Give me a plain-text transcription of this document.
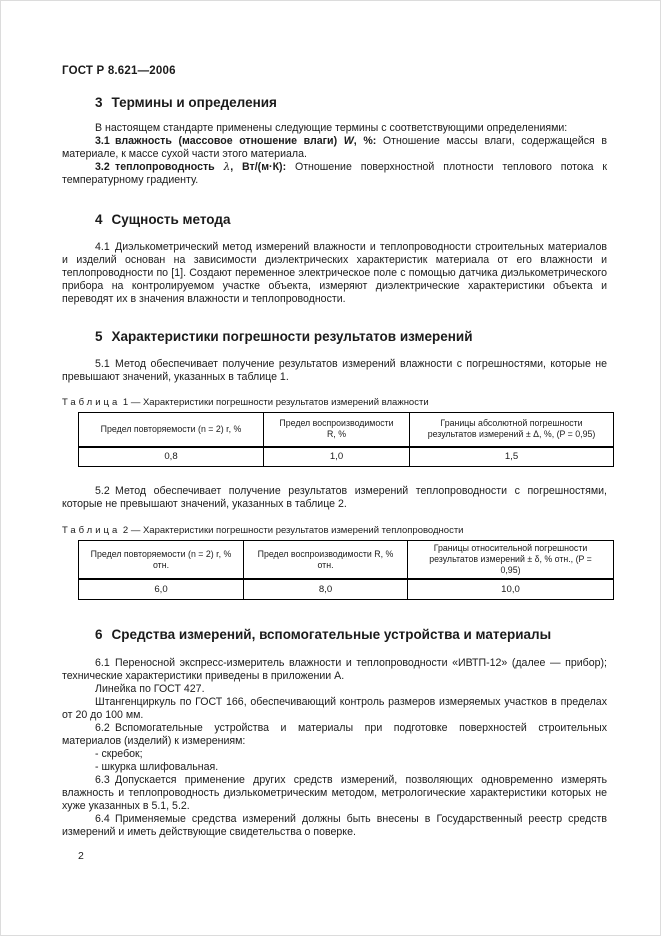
ГОСТ Р 8.621—2006
3 Термины и определения

В настоящем стандарте применены следующие термины с соответствующими определениями:

3.1 влажность (массовое отношение влаги) W, %: Отношение массы влаги, содержащейся в материале, к массе сухой части этого материала.

3.2 теплопроводность λ, Вт/(м·К): Отношение поверхностной плотности теплового потока к температурному градиенту.

4 Сущность метода

4.1 Диэлькометрический метод измерений влажности и теплопроводности строительных материалов и изделий основан на зависимости диэлектрических характеристик материала от его влажности и теплопроводности по [1]. Создают переменное электрическое поле с помощью датчика диэлькометрического прибора на контролируемом участке объекта, измеряют диэлектрические характеристики объекта и переводят их в значения влажности и теплопроводности.

5 Характеристики погрешности результатов измерений

5.1 Метод обеспечивает получение результатов измерений влажности с погрешностями, которые не превышают значений, указанных в таблице 1.

Таблица 1 — Характеристики погрешности результатов измерений влажности
Предел повторяемости (n = 2) r, %	Предел воспроизводимости R, %	Границы абсолютной погрешности результатов измерений ± Δ, %, (P = 0,95)
0,8	1,0	1,5

5.2 Метод обеспечивает получение результатов измерений теплопроводности с погрешностями, которые не превышают значений, указанных в таблице 2.

Таблица 2 — Характеристики погрешности результатов измерений теплопроводности
Предел повторяемости (n = 2) r, % отн.	Предел воспроизводимости R, % отн.	Границы относительной погрешности результатов измерений ± δ, % отн., (P = 0,95)
6,0	8,0	10,0
6 Средства измерений, вспомогательные устройства и материалы

6.1 Переносной экспресс-измеритель влажности и теплопроводности «ИВТП-12» (далее — прибор); технические характеристики приведены в приложении А.

Линейка по ГОСТ 427.

Штангенциркуль по ГОСТ 166, обеспечивающий контроль размеров измеряемых участков в пределах от 20 до 100 мм.

6.2 Вспомогательные устройства и материалы при подготовке поверхностей строительных материалов (изделий) к измерениям:

- скребок;

- шкурка шлифовальная.

6.3 Допускается применение других средств измерений, позволяющих одновременно измерять влажность и теплопроводность диэлькометрическим методом, метрологические характеристики которых не хуже указанных в 5.1, 5.2.

6.4 Применяемые средства измерений должны быть внесены в Государственный реестр средств измерений и иметь действующие свидетельства о поверке.

2
